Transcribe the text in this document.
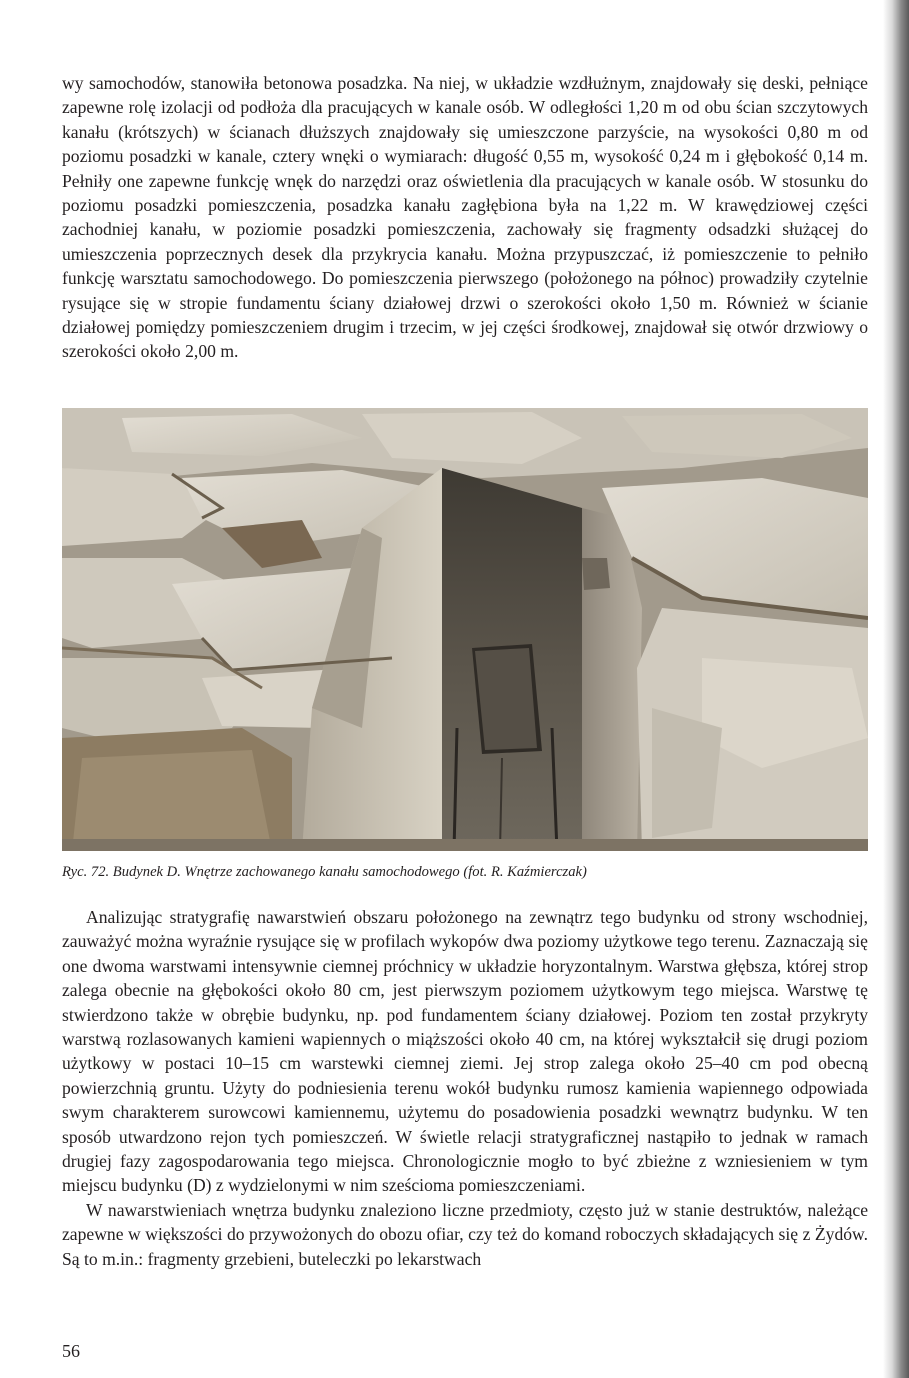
wy samochodów, stanowiła betonowa posadzka. Na niej, w układzie wzdłużnym, znajdowały się deski, pełniące zapewne rolę izolacji od podłoża dla pracujących w kanale osób. W odległości 1,20 m od obu ścian szczytowych kanału (krótszych) w ścianach dłuższych znajdowały się umieszczone parzyście, na wysokości 0,80 m od poziomu posadzki w kanale, cztery wnęki o wymiarach: długość 0,55 m, wysokość 0,24 m i głębokość 0,14 m. Pełniły one zapewne funkcję wnęk do narzędzi oraz oświetlenia dla pracujących w kanale osób. W stosunku do poziomu posadzki pomieszczenia, posadzka kanału zagłębiona była na 1,22 m. W krawędziowej części zachodniej kanału, w poziomie posadzki pomieszczenia, zachowały się fragmenty odsadzki służącej do umieszczenia poprzecznych desek dla przykrycia kanału. Można przypuszczać, iż pomieszczenie to pełniło funkcję warsztatu samochodowego. Do pomieszczenia pierwszego (położonego na północ) prowadziły czytelnie rysujące się w stropie fundamentu ściany działowej drzwi o szerokości około 1,50 m. Również w ścianie działowej pomiędzy pomieszczeniem drugim i trzecim, w jej części środkowej, znajdował się otwór drzwiowy o szerokości około 2,00 m.

Ryc. 72. Budynek D. Wnętrze zachowanego kanału samochodowego (fot. R. Kaźmierczak)

Analizując stratygrafię nawarstwień obszaru położonego na zewnątrz tego budynku od strony wschodniej, zauważyć można wyraźnie rysujące się w profilach wykopów dwa poziomy użytkowe tego terenu. Zaznaczają się one dwoma warstwami intensywnie ciemnej próchnicy w układzie horyzontalnym. Warstwa głębsza, której strop zalega obecnie na głębokości około 80 cm, jest pierwszym poziomem użytkowym tego miejsca. Warstwę tę stwierdzono także w obrębie budynku, np. pod fundamentem ściany działowej. Poziom ten został przykryty warstwą rozlasowanych kamieni wapiennych o miąższości około 40 cm, na której wykształcił się drugi poziom użytkowy w postaci 10–15 cm warstewki ciemnej ziemi. Jej strop zalega około 25–40 cm pod obecną powierzchnią gruntu. Użyty do podniesienia terenu wokół budynku rumosz kamienia wapiennego odpowiada swym charakterem surowcowi kamiennemu, użytemu do posadowienia posadzki wewnątrz budynku. W ten sposób utwardzono rejon tych pomieszczeń. W świetle relacji stratygraficznej nastąpiło to jednak w ramach drugiej fazy zagospodarowania tego miejsca. Chronologicznie mogło to być zbieżne z wzniesieniem w tym miejscu budynku (D) z wydzielonymi w nim sześcioma pomieszczeniami.

W nawarstwieniach wnętrza budynku znaleziono liczne przedmioty, często już w stanie destruktów, należące zapewne w większości do przywożonych do obozu ofiar, czy też do komand roboczych składających się z Żydów. Są to m.in.: fragmenty grzebieni, buteleczki po lekarstwach

56
